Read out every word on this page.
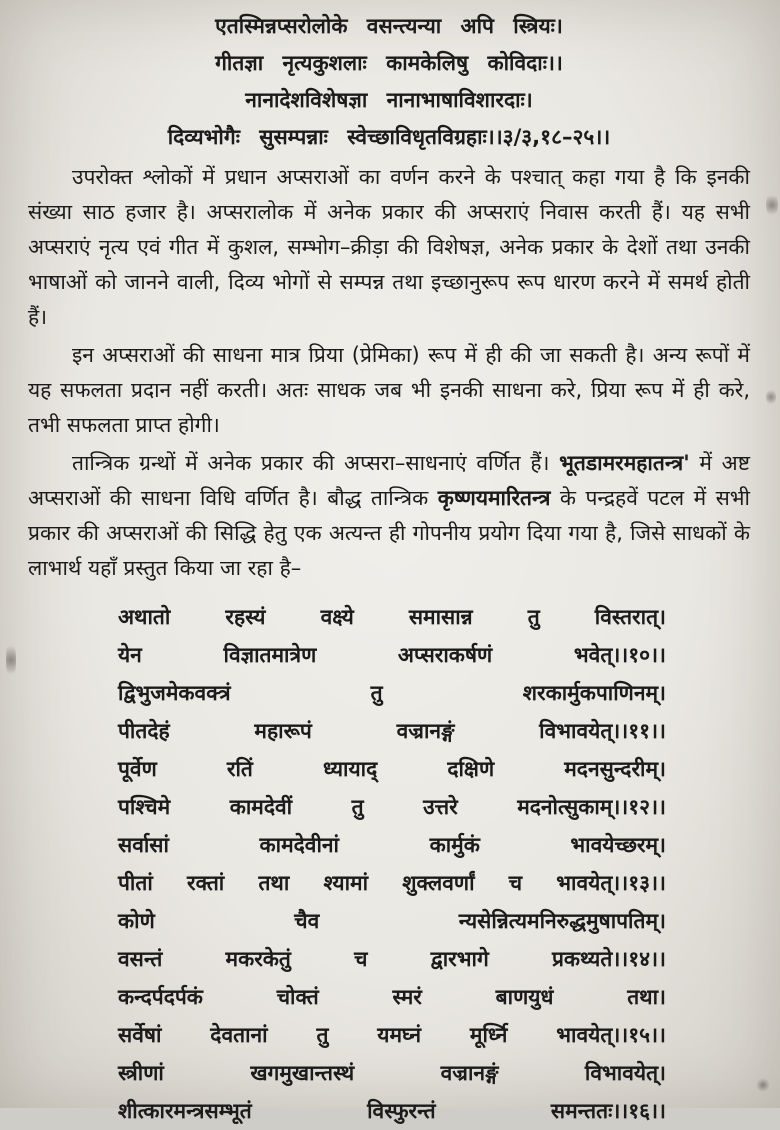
एतस्मिन्नप्सरोलोके वसन्त्यन्या अपि स्त्रियः।
गीतज्ञा नृत्यकुशलाः कामकेलिषु कोविदाः।।
नानादेशविशेषज्ञा नानाभाषाविशारदाः।
दिव्यभोगैः सुसम्पन्नाः स्वेच्छाविधृतविग्रहाः।।३/३,१८–२५।।

उपरोक्त श्लोकों में प्रधान अप्सराओं का वर्णन करने के पश्चात् कहा गया है कि इनकी संख्या साठ हजार है। अप्सरालोक में अनेक प्रकार की अप्सराएं निवास करती हैं। यह सभी अप्सराएं नृत्य एवं गीत में कुशल, सम्भोग–क्रीड़ा की विशेषज्ञ, अनेक प्रकार के देशों तथा उनकी भाषाओं को जानने वाली, दिव्य भोगों से सम्पन्न तथा इच्छानुरूप रूप धारण करने में समर्थ होती हैं।

इन अप्सराओं की साधना मात्र प्रिया (प्रेमिका) रूप में ही की जा सकती है। अन्य रूपों में यह सफलता प्रदान नहीं करती। अतः साधक जब भी इनकी साधना करे, प्रिया रूप में ही करे, तभी सफलता प्राप्त होगी।

तान्त्रिक ग्रन्थों में अनेक प्रकार की अप्सरा–साधनाएं वर्णित हैं। भूतडामरमहातन्त्र' में अष्ट अप्सराओं की साधना विधि वर्णित है। बौद्ध तान्त्रिक कृष्णयमारितन्त्र के पन्द्रहवें पटल में सभी प्रकार की अप्सराओं की सिद्धि हेतु एक अत्यन्त ही गोपनीय प्रयोग दिया गया है, जिसे साधकों के लाभार्थ यहाँ प्रस्तुत किया जा रहा है–

अथातो रहस्यं वक्ष्ये समासान्न तु विस्तरात्।
येन विज्ञातमात्रेण अप्सराकर्षणं भवेत्।।१०।।
द्विभुजमेकवक्त्रं तु शरकार्मुकपाणिनम्।
पीतदेहं महारूपं वज्रानङ्गं विभावयेत्।।११।।
पूर्वेण रतिं ध्यायाद् दक्षिणे मदनसुन्दरीम्।
पश्चिमे कामदेवीं तु उत्तरे मदनोत्सुकाम्।।१२।।
सर्वासां कामदेवीनां कार्मुकं भावयेच्छरम्।
पीतां रक्तां तथा श्यामां शुक्लवर्णां च भावयेत्।।१३।।
कोणे चैव न्यसेन्नित्यमनिरुद्धमुषापतिम्।
वसन्तं मकरकेतुं च द्वारभागे प्रकथ्यते।।१४।।
कन्दर्पदर्पकं चोक्तं स्मरं बाणयुधं तथा।
सर्वेषां देवतानां तु यमघ्नं मूर्ध्नि भावयेत्।।१५।।
स्त्रीणां खगमुखान्तस्थं वज्रानङ्गं विभावयेत्।
शीत्कारमन्त्रसम्भूतं विस्फुरन्तं समन्ततः।।१६।।
